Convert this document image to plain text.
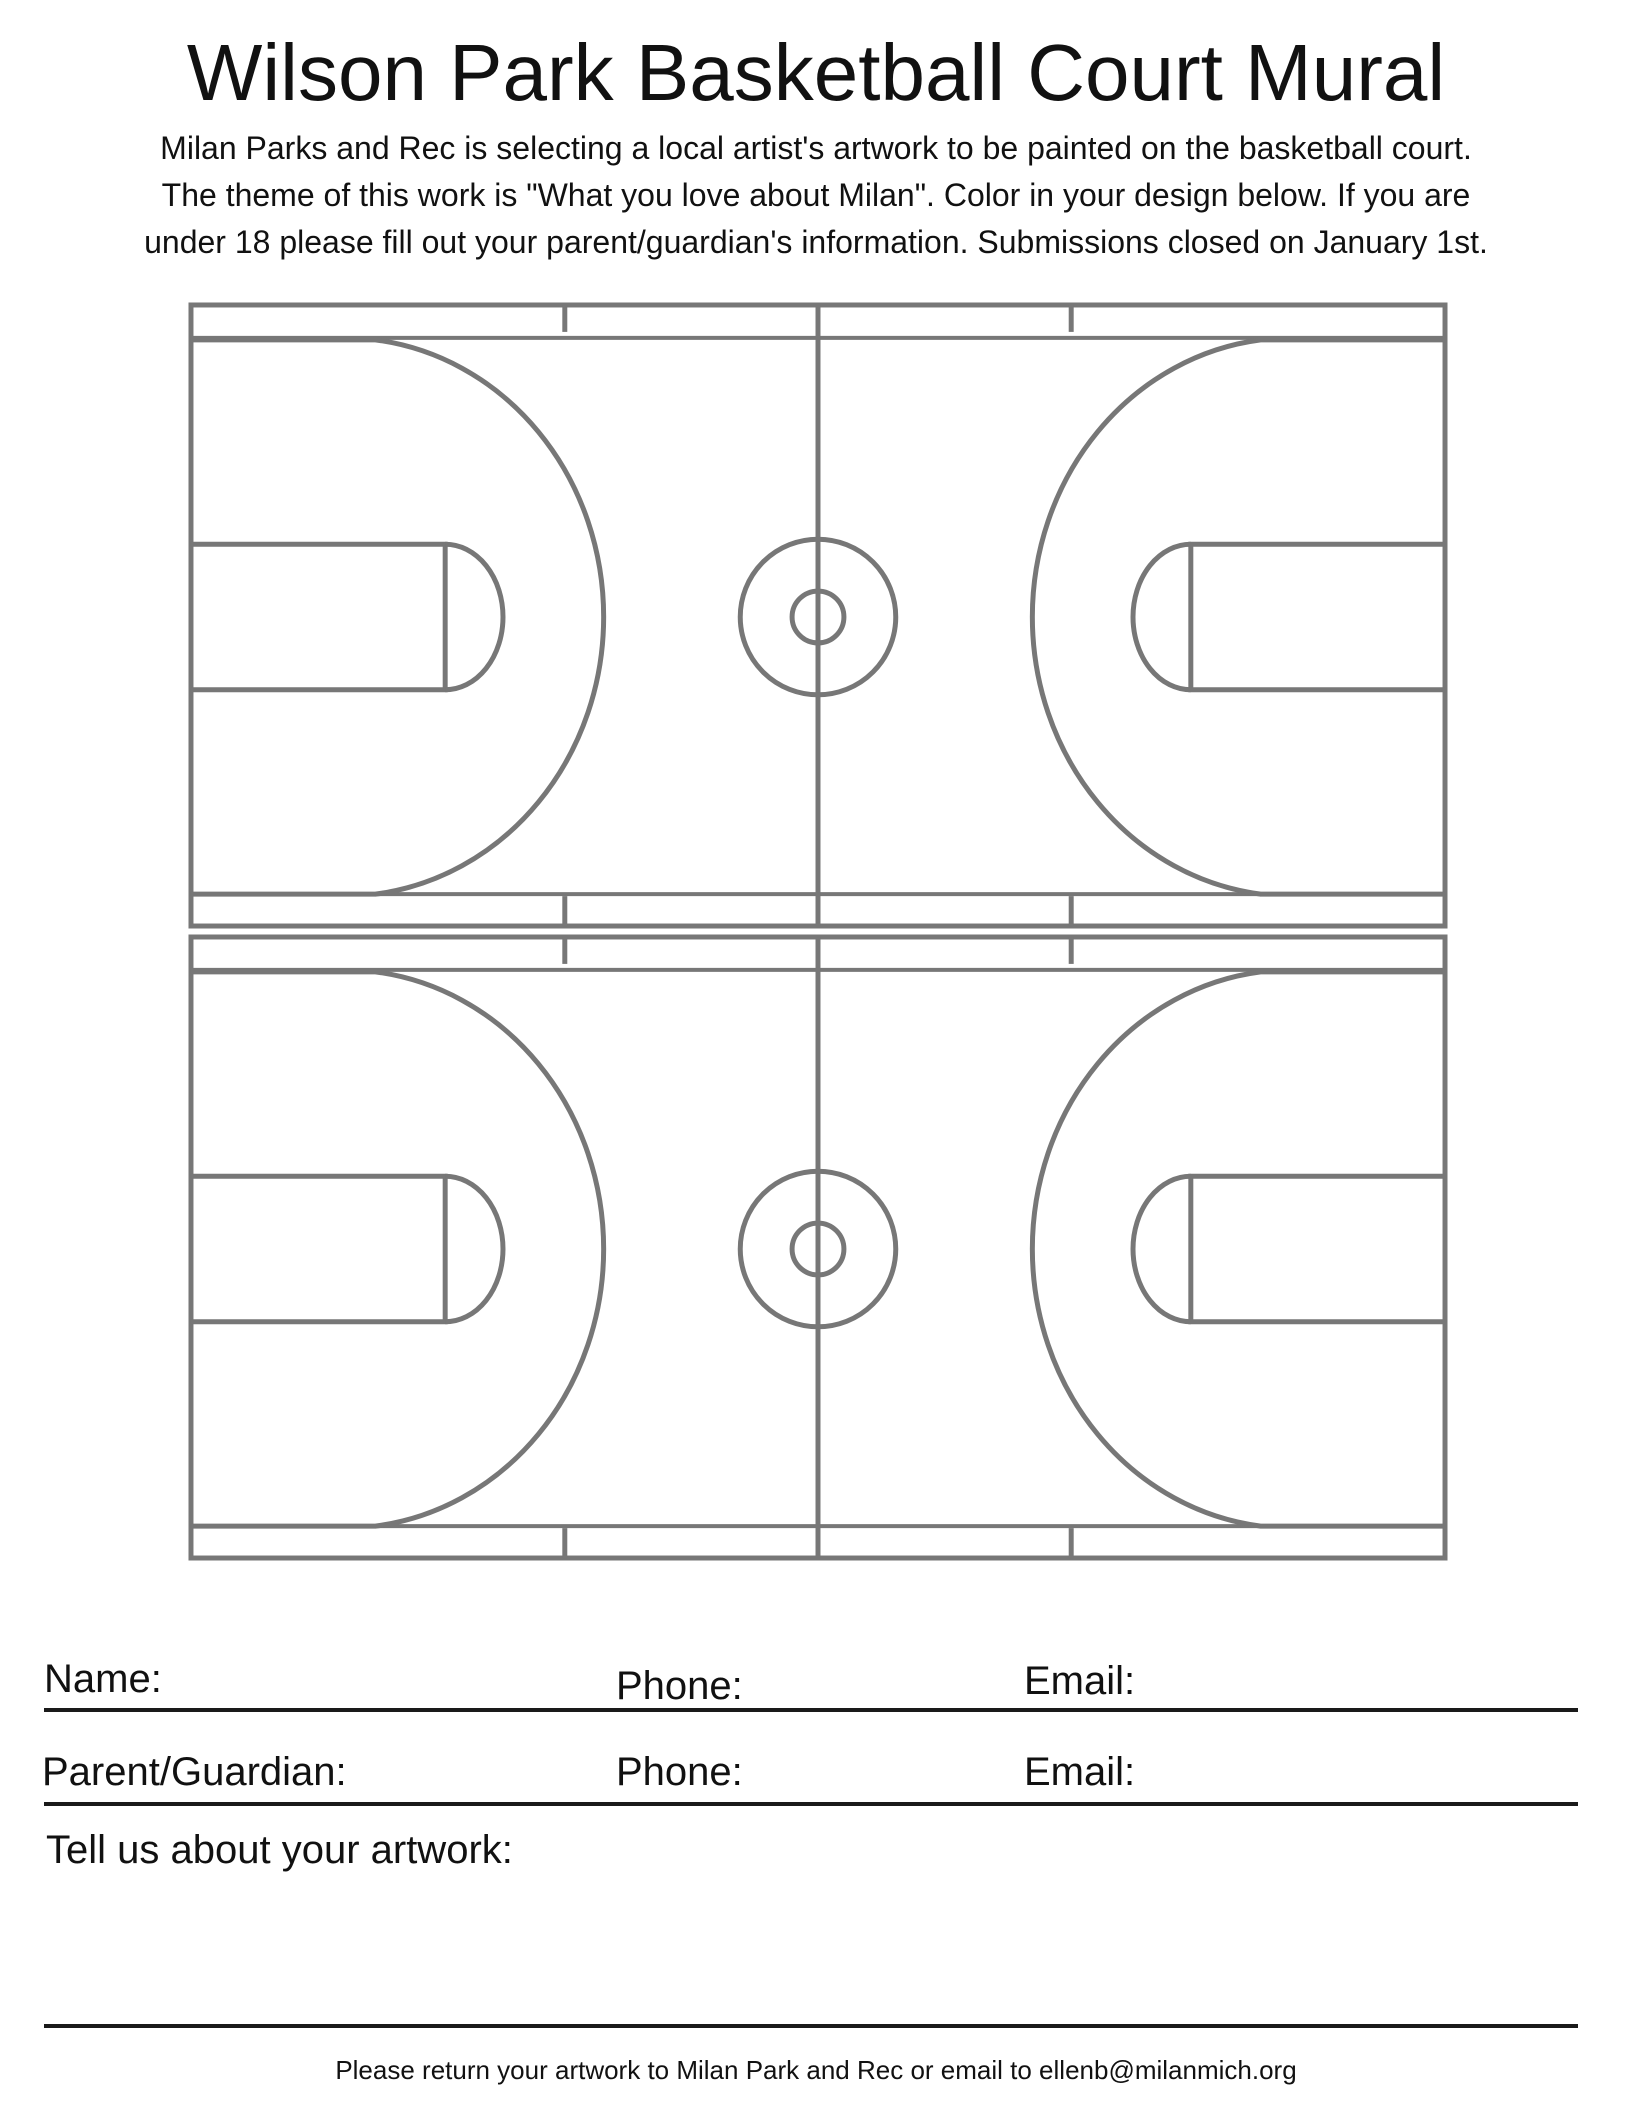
Wilson Park Basketball Court Mural
Milan Parks and Rec is selecting a local artist's artwork to be painted on the basketball court.
The theme of this work is "What you love about Milan". Color in your design below. If you are
under 18 please fill out your parent/guardian's information. Submissions closed on January 1st.
Name:	Phone:	Email:
Parent/Guardian:	Phone:	Email:
Tell us about your artwork:
Please return your artwork to Milan Park and Rec or email to ellenb@milanmich.org
